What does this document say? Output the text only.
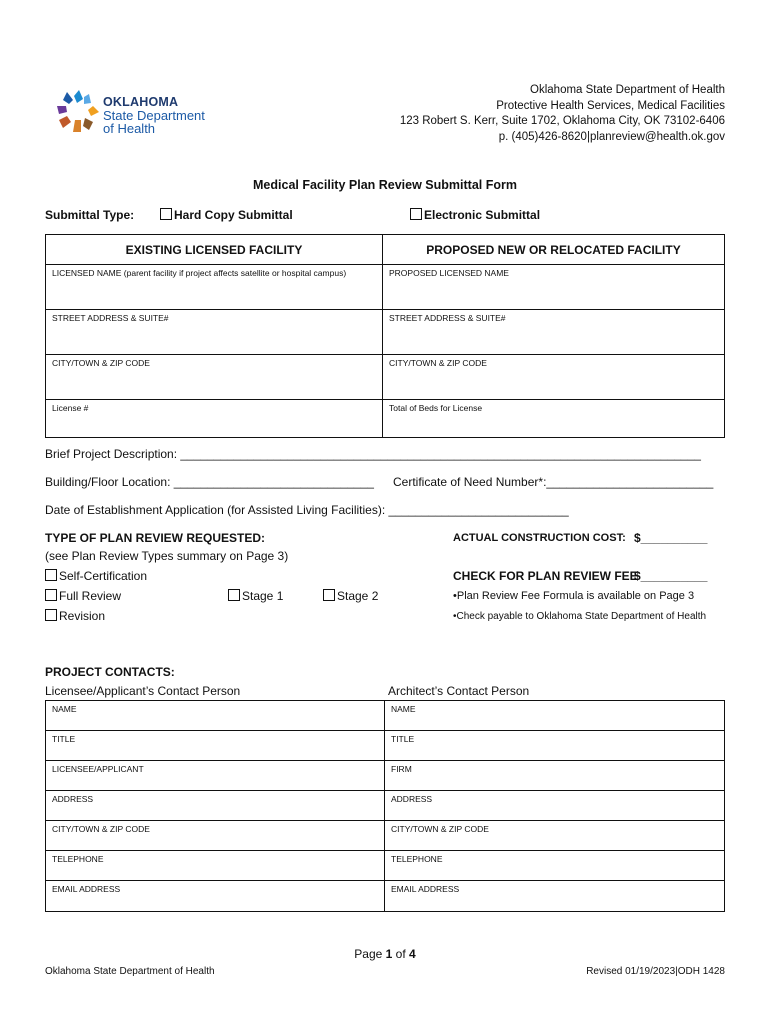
OKLAHOMA
State Department
of Health
Oklahoma State Department of Health
Protective Health Services, Medical Facilities
123 Robert S. Kerr, Suite 1702, Oklahoma City, OK 73102-6406
p. (405)426-8620|planreview@health.ok.gov
Medical Facility Plan Review Submittal Form
Submittal Type:	Hard Copy Submittal	Electronic Submittal
EXISTING LICENSED FACILITY	PROPOSED NEW OR RELOCATED FACILITY
LICENSED NAME (parent facility if project affects satellite or hospital campus)	PROPOSED LICENSED NAME
STREET ADDRESS & SUITE#	STREET ADDRESS & SUITE#
CITY/TOWN & ZIP CODE	CITY/TOWN & ZIP CODE
License #	Total of Beds for License
Brief Project Description: ______________________________________________________________________________
Building/Floor Location: ______________________________ Certificate of Need Number*:_________________________
Date of Establishment Application (for Assisted Living Facilities): ___________________________
TYPE OF PLAN REVIEW REQUESTED:
(see Plan Review Types summary on Page 3)
Self-Certification
Full Review	Stage 1	Stage 2
Revision
ACTUAL CONSTRUCTION COST: $__________
CHECK FOR PLAN REVIEW FEE
$__________
•Plan Review Fee Formula is available on Page 3
•Check payable to Oklahoma State Department of Health
PROJECT CONTACTS:
Licensee/Applicant’s Contact Person	Architect’s Contact Person
NAME	NAME
TITLE	TITLE
LICENSEE/APPLICANT	FIRM
ADDRESS	ADDRESS
CITY/TOWN & ZIP CODE	CITY/TOWN & ZIP CODE
TELEPHONE	TELEPHONE
EMAIL ADDRESS	EMAIL ADDRESS
Page 1 of 4
Oklahoma State Department of Health	Revised 01/19/2023|ODH 1428
